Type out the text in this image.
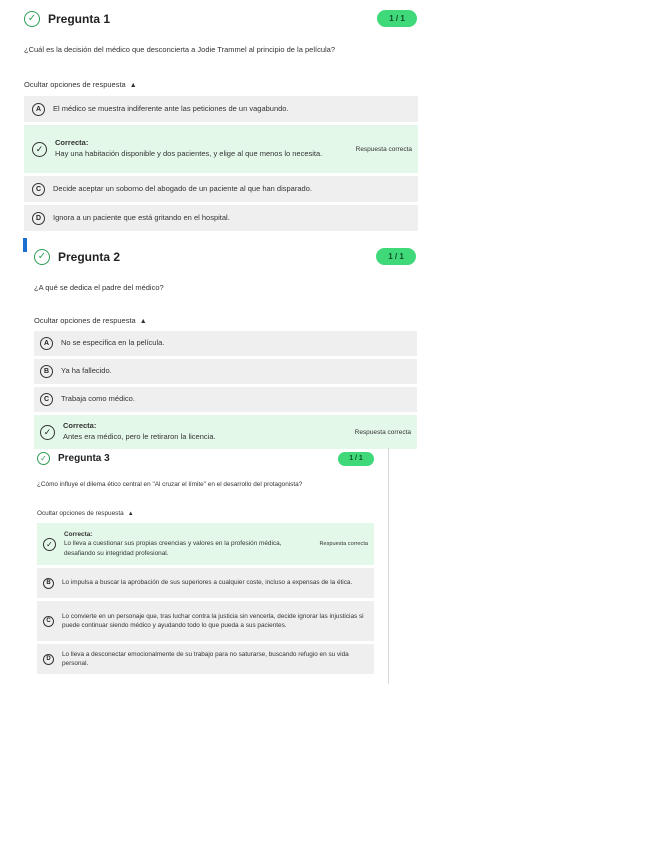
✓ Pregunta 1	1 / 1
¿Cuál es la decisión del médico que desconcierta a Jodie Trammel al principio de la película?
Ocultar opciones de respuesta ▲
A	El médico se muestra indiferente ante las peticiones de un vagabundo.
✓
Correcta:
Hay una habitación disponible y dos pacientes, y elige al que menos lo necesita.	Respuesta correcta
C	Decide aceptar un soborno del abogado de un paciente al que han disparado.
D	Ignora a un paciente que está gritando en el hospital.
✓ Pregunta 2	1 / 1
¿A qué se dedica el padre del médico?
Ocultar opciones de respuesta ▲
A	No se especifica en la película.
B	Ya ha fallecido.
C	Trabaja como médico.
✓
Correcta:
Antes era médico, pero le retiraron la licencia.	Respuesta correcta
✓	Pregunta 3	1 / 1
¿Cómo influye el dilema ético central en "Al cruzar el límite" en el desarrollo del protagonista?
Ocultar opciones de respuesta ▲
✓
Correcta:
Lo lleva a cuestionar sus propias creencias y valores en la profesión médica, desafiando su integridad profesional.
Respuesta correcta
B	Lo impulsa a buscar la aprobación de sus superiores a cualquier coste, incluso a expensas de la ética.
C
Lo convierte en un personaje que, tras luchar contra la justicia sin vencerla, decide ignorar las injusticias si puede continuar siendo médico y ayudando todo lo que pueda a sus pacientes.
D
Lo lleva a desconectar emocionalmente de su trabajo para no saturarse, buscando refugio en su vida personal.
